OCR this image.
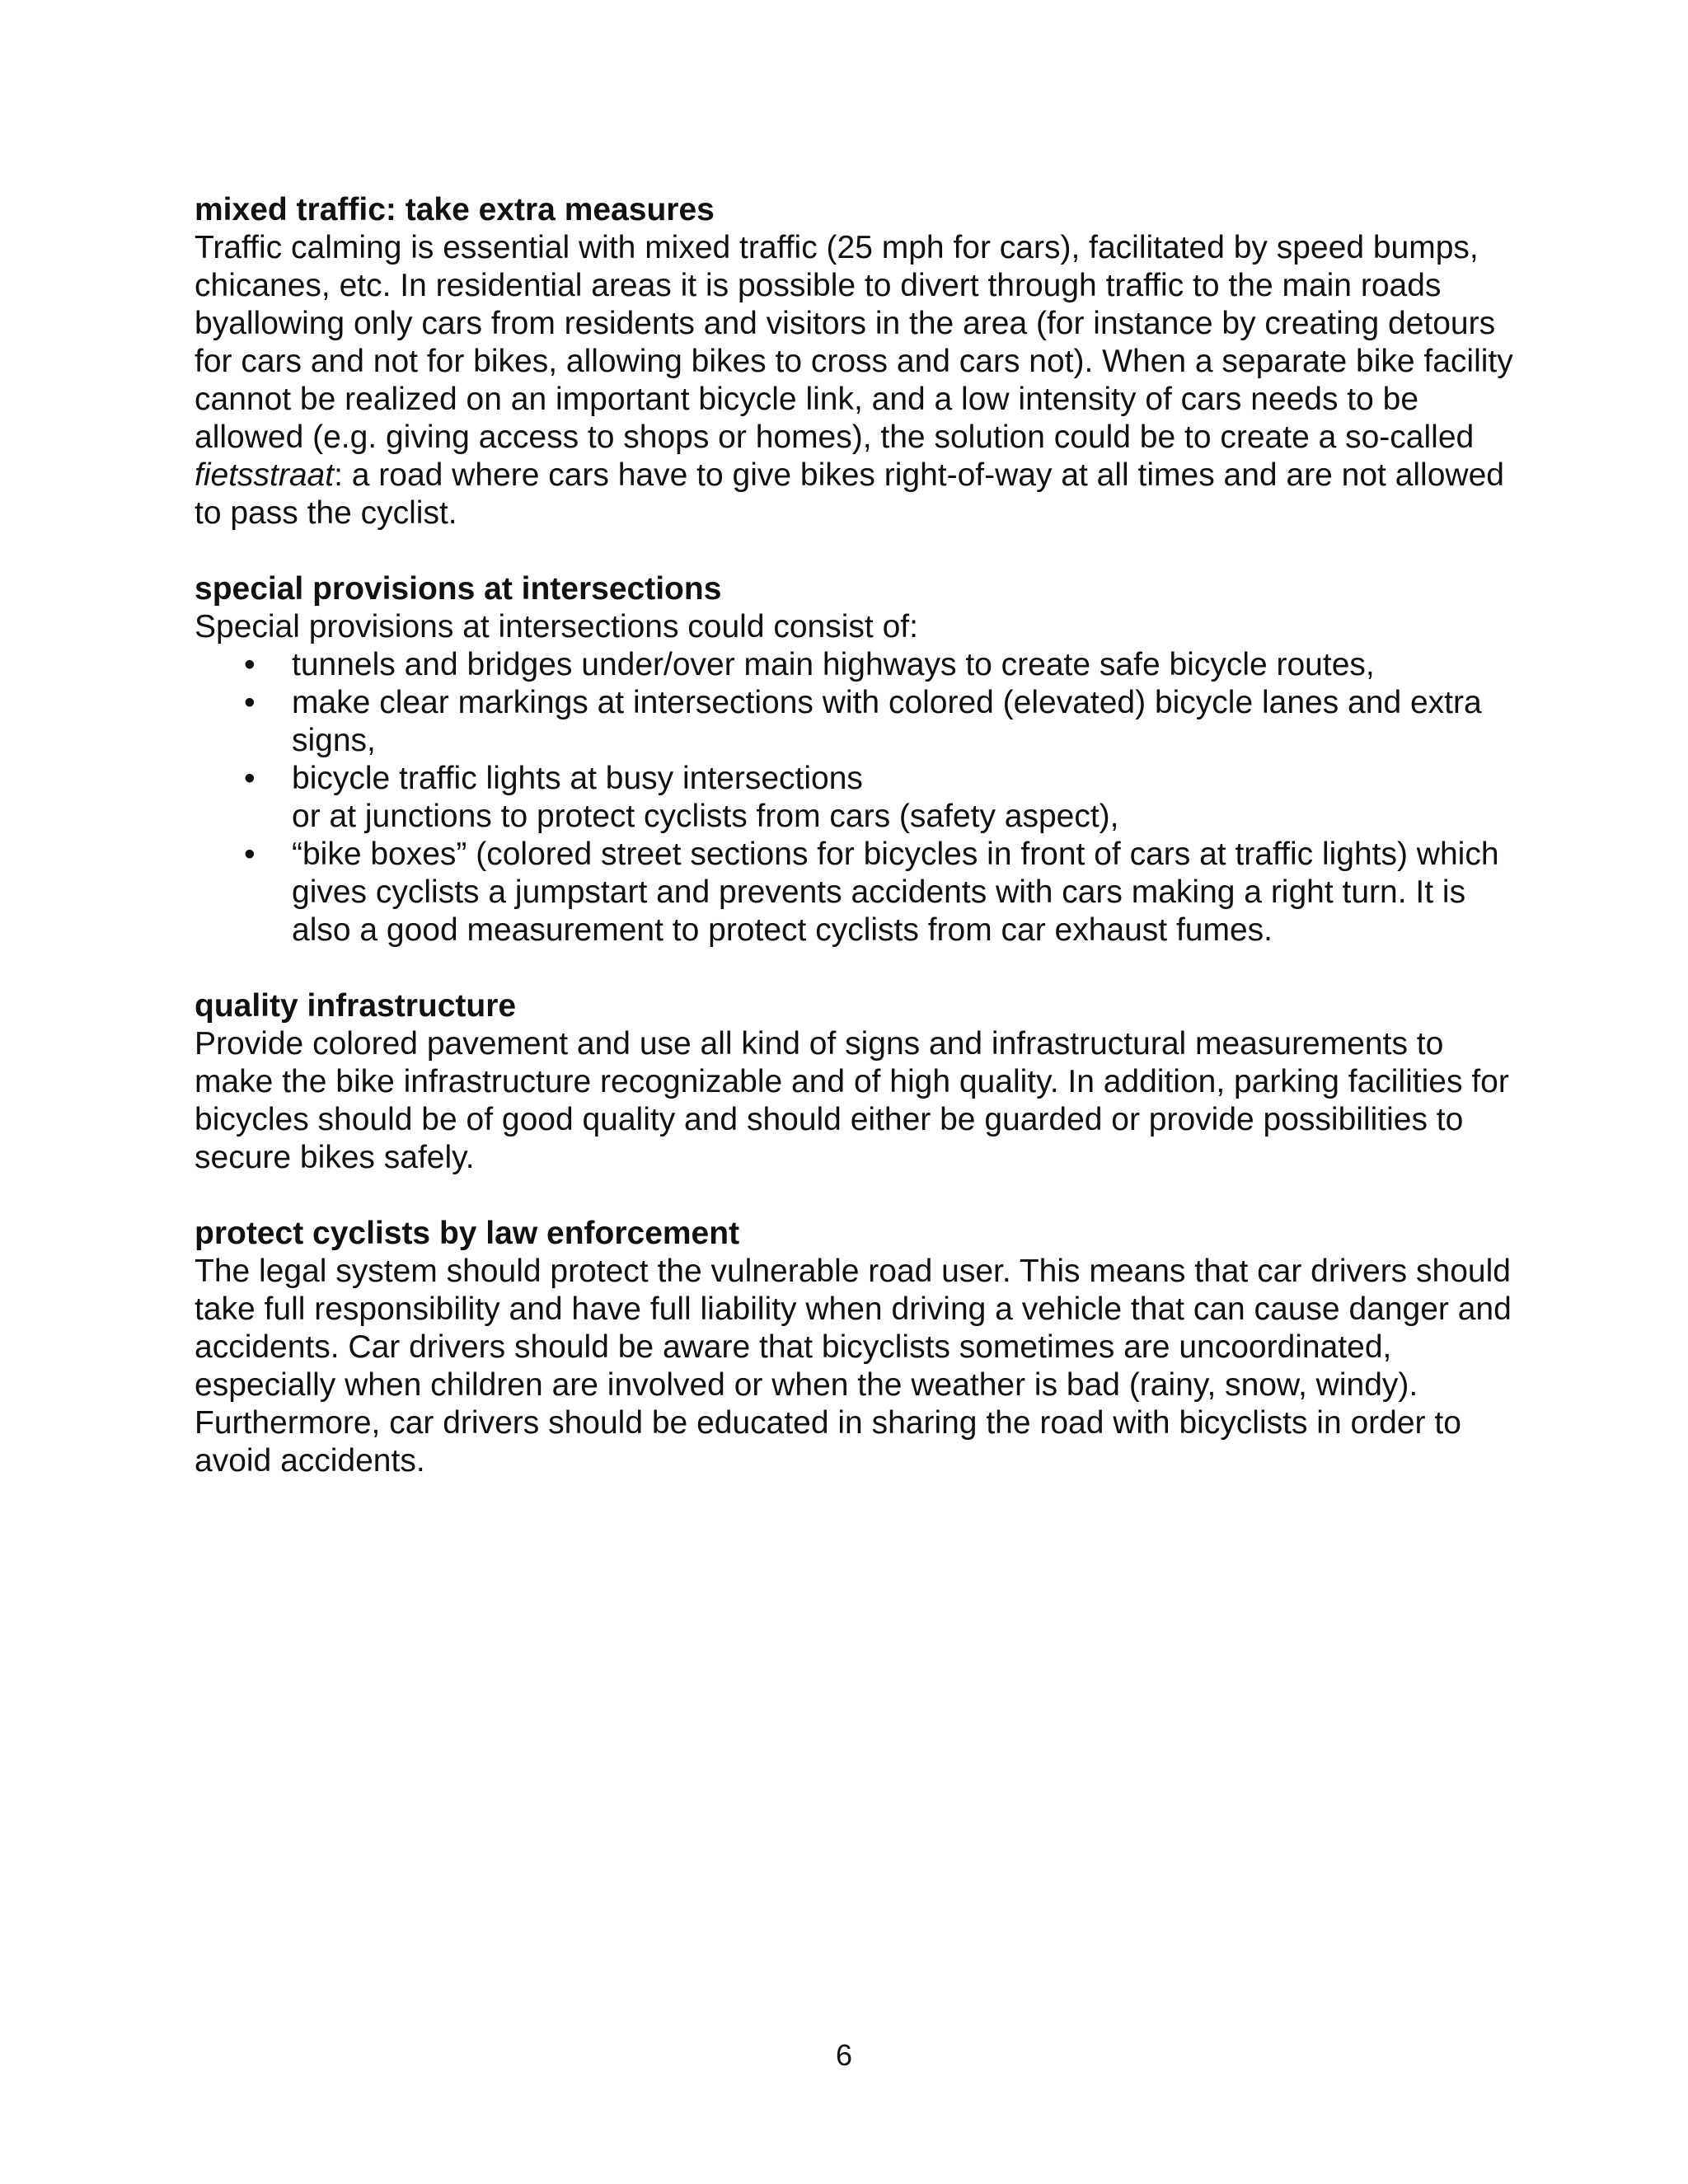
mixed traffic: take extra measures

Traffic calming is essential with mixed traffic (25 mph for cars), facilitated by speed bumps, chicanes, etc. In residential areas it is possible to divert through traffic to the main roads byallowing only cars from residents and visitors in the area (for instance by creating detours for cars and not for bikes, allowing bikes to cross and cars not). When a separate bike facility cannot be realized on an important bicycle link, and a low intensity of cars needs to be allowed (e.g. giving access to shops or homes), the solution could be to create a so-called fietsstraat: a road where cars have to give bikes right-of-way at all times and are not allowed to pass the cyclist.

special provisions at intersections

Special provisions at intersections could consist of:

• tunnels and bridges under/over main highways to create safe bicycle routes,
• make clear markings at intersections with colored (elevated) bicycle lanes and extra signs,
• bicycle traffic lights at busy intersections
or at junctions to protect cyclists from cars (safety aspect),
• “bike boxes” (colored street sections for bicycles in front of cars at traffic lights) which gives cyclists a jumpstart and prevents accidents with cars making a right turn. It is also a good measurement to protect cyclists from car exhaust fumes.
quality infrastructure

Provide colored pavement and use all kind of signs and infrastructural measurements to make the bike infrastructure recognizable and of high quality. In addition, parking facilities for bicycles should be of good quality and should either be guarded or provide possibilities to secure bikes safely.

protect cyclists by law enforcement

The legal system should protect the vulnerable road user. This means that car drivers should take full responsibility and have full liability when driving a vehicle that can cause danger and accidents. Car drivers should be aware that bicyclists sometimes are uncoordinated, especially when children are involved or when the weather is bad (rainy, snow, windy). Furthermore, car drivers should be educated in sharing the road with bicyclists in order to avoid accidents.

6
